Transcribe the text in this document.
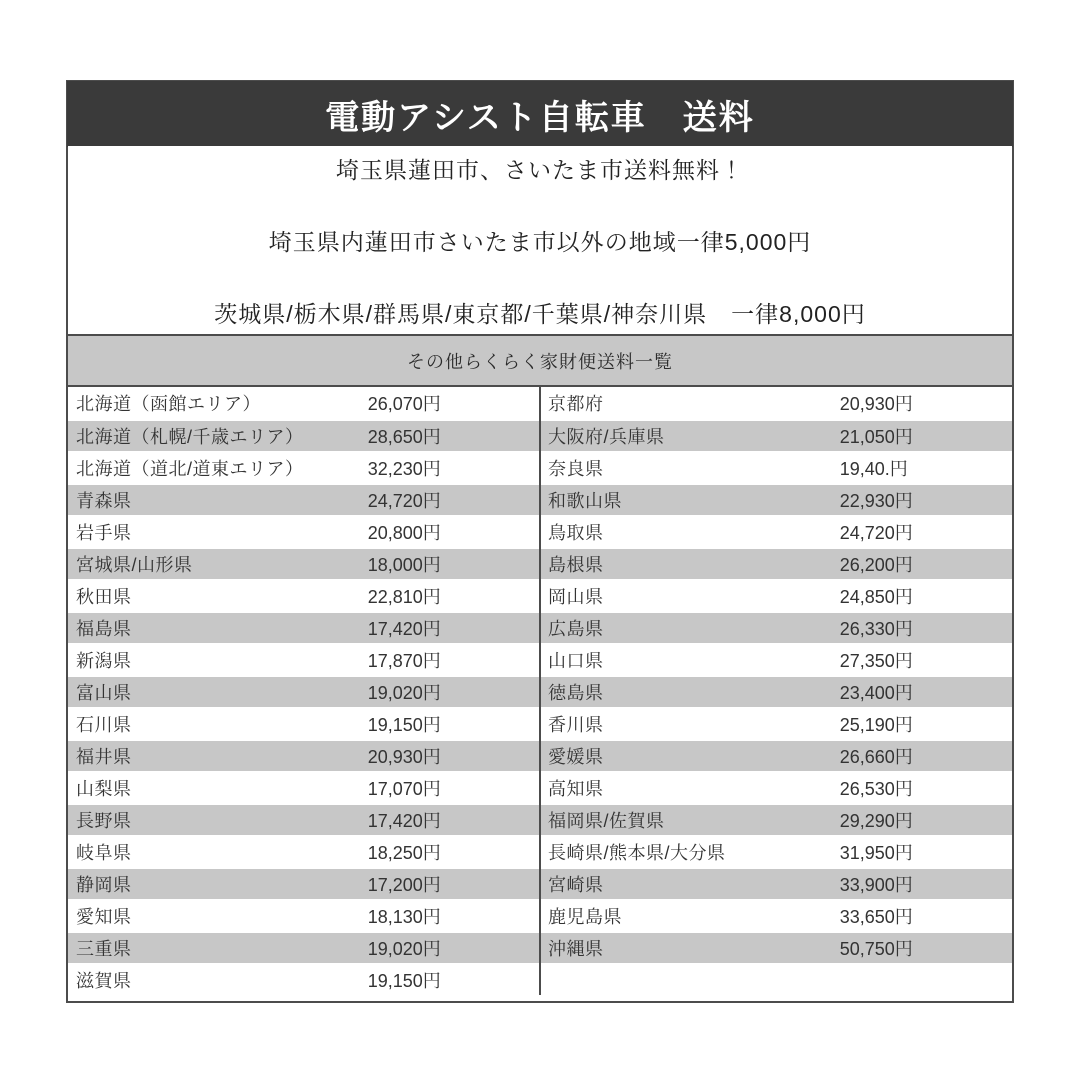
電動アシスト自転車　送料

埼玉県蓮田市、さいたま市送料無料！

埼玉県内蓮田市さいたま市以外の地域一律5,000円

茨城県/栃木県/群馬県/東京都/千葉県/神奈川県　一律8,000円

その他らくらく家財便送料一覧
北海道（函館エリア）	26,070円	京都府	20,930円
北海道（札幌/千歳エリア）	28,650円	大阪府/兵庫県	21,050円
北海道（道北/道東エリア）	32,230円	奈良県	19,40.円
青森県	24,720円	和歌山県	22,930円
岩手県	20,800円	鳥取県	24,720円
宮城県/山形県	18,000円	島根県	26,200円
秋田県	22,810円	岡山県	24,850円
福島県	17,420円	広島県	26,330円
新潟県	17,870円	山口県	27,350円
富山県	19,020円	徳島県	23,400円
石川県	19,150円	香川県	25,190円
福井県	20,930円	愛媛県	26,660円
山梨県	17,070円	高知県	26,530円
長野県	17,420円	福岡県/佐賀県	29,290円
岐阜県	18,250円	長崎県/熊本県/大分県	31,950円
静岡県	17,200円	宮崎県	33,900円
愛知県	18,130円	鹿児島県	33,650円
三重県	19,020円	沖縄県	50,750円
滋賀県	19,150円
